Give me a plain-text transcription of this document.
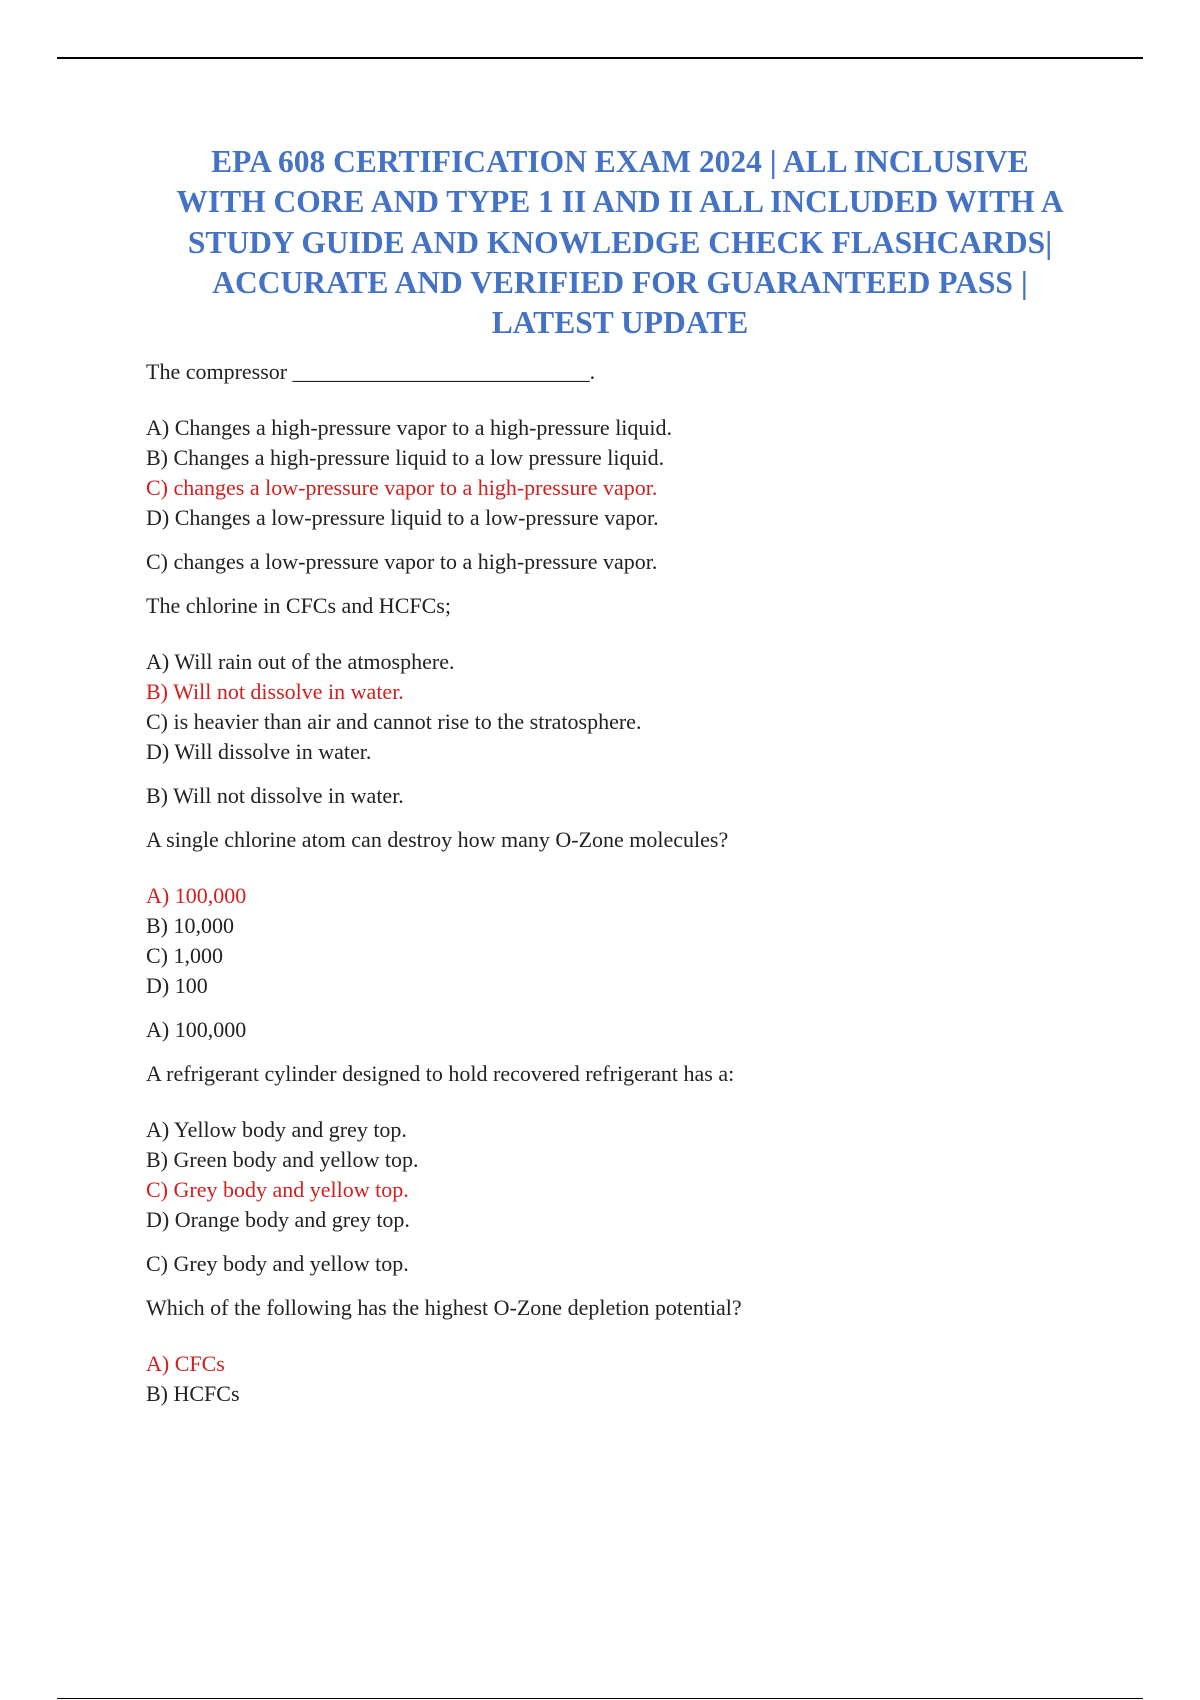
EPA 608 CERTIFICATION EXAM 2024 | ALL INCLUSIVE
WITH CORE AND TYPE 1 II AND II ALL INCLUDED WITH A
STUDY GUIDE AND KNOWLEDGE CHECK FLASHCARDS|
ACCURATE AND VERIFIED FOR GUARANTEED PASS |
LATEST UPDATE
The compressor ___________________________.
A) Changes a high-pressure vapor to a high-pressure liquid.
B) Changes a high-pressure liquid to a low pressure liquid.
C) changes a low-pressure vapor to a high-pressure vapor.
D) Changes a low-pressure liquid to a low-pressure vapor.
C) changes a low-pressure vapor to a high-pressure vapor.
The chlorine in CFCs and HCFCs;
A) Will rain out of the atmosphere.
B) Will not dissolve in water.
C) is heavier than air and cannot rise to the stratosphere.
D) Will dissolve in water.
B) Will not dissolve in water.
A single chlorine atom can destroy how many O-Zone molecules?
A) 100,000
B) 10,000
C) 1,000
D) 100
A) 100,000
A refrigerant cylinder designed to hold recovered refrigerant has a:
A) Yellow body and grey top.
B) Green body and yellow top.
C) Grey body and yellow top.
D) Orange body and grey top.
C) Grey body and yellow top.
Which of the following has the highest O-Zone depletion potential?
A) CFCs
B) HCFCs
